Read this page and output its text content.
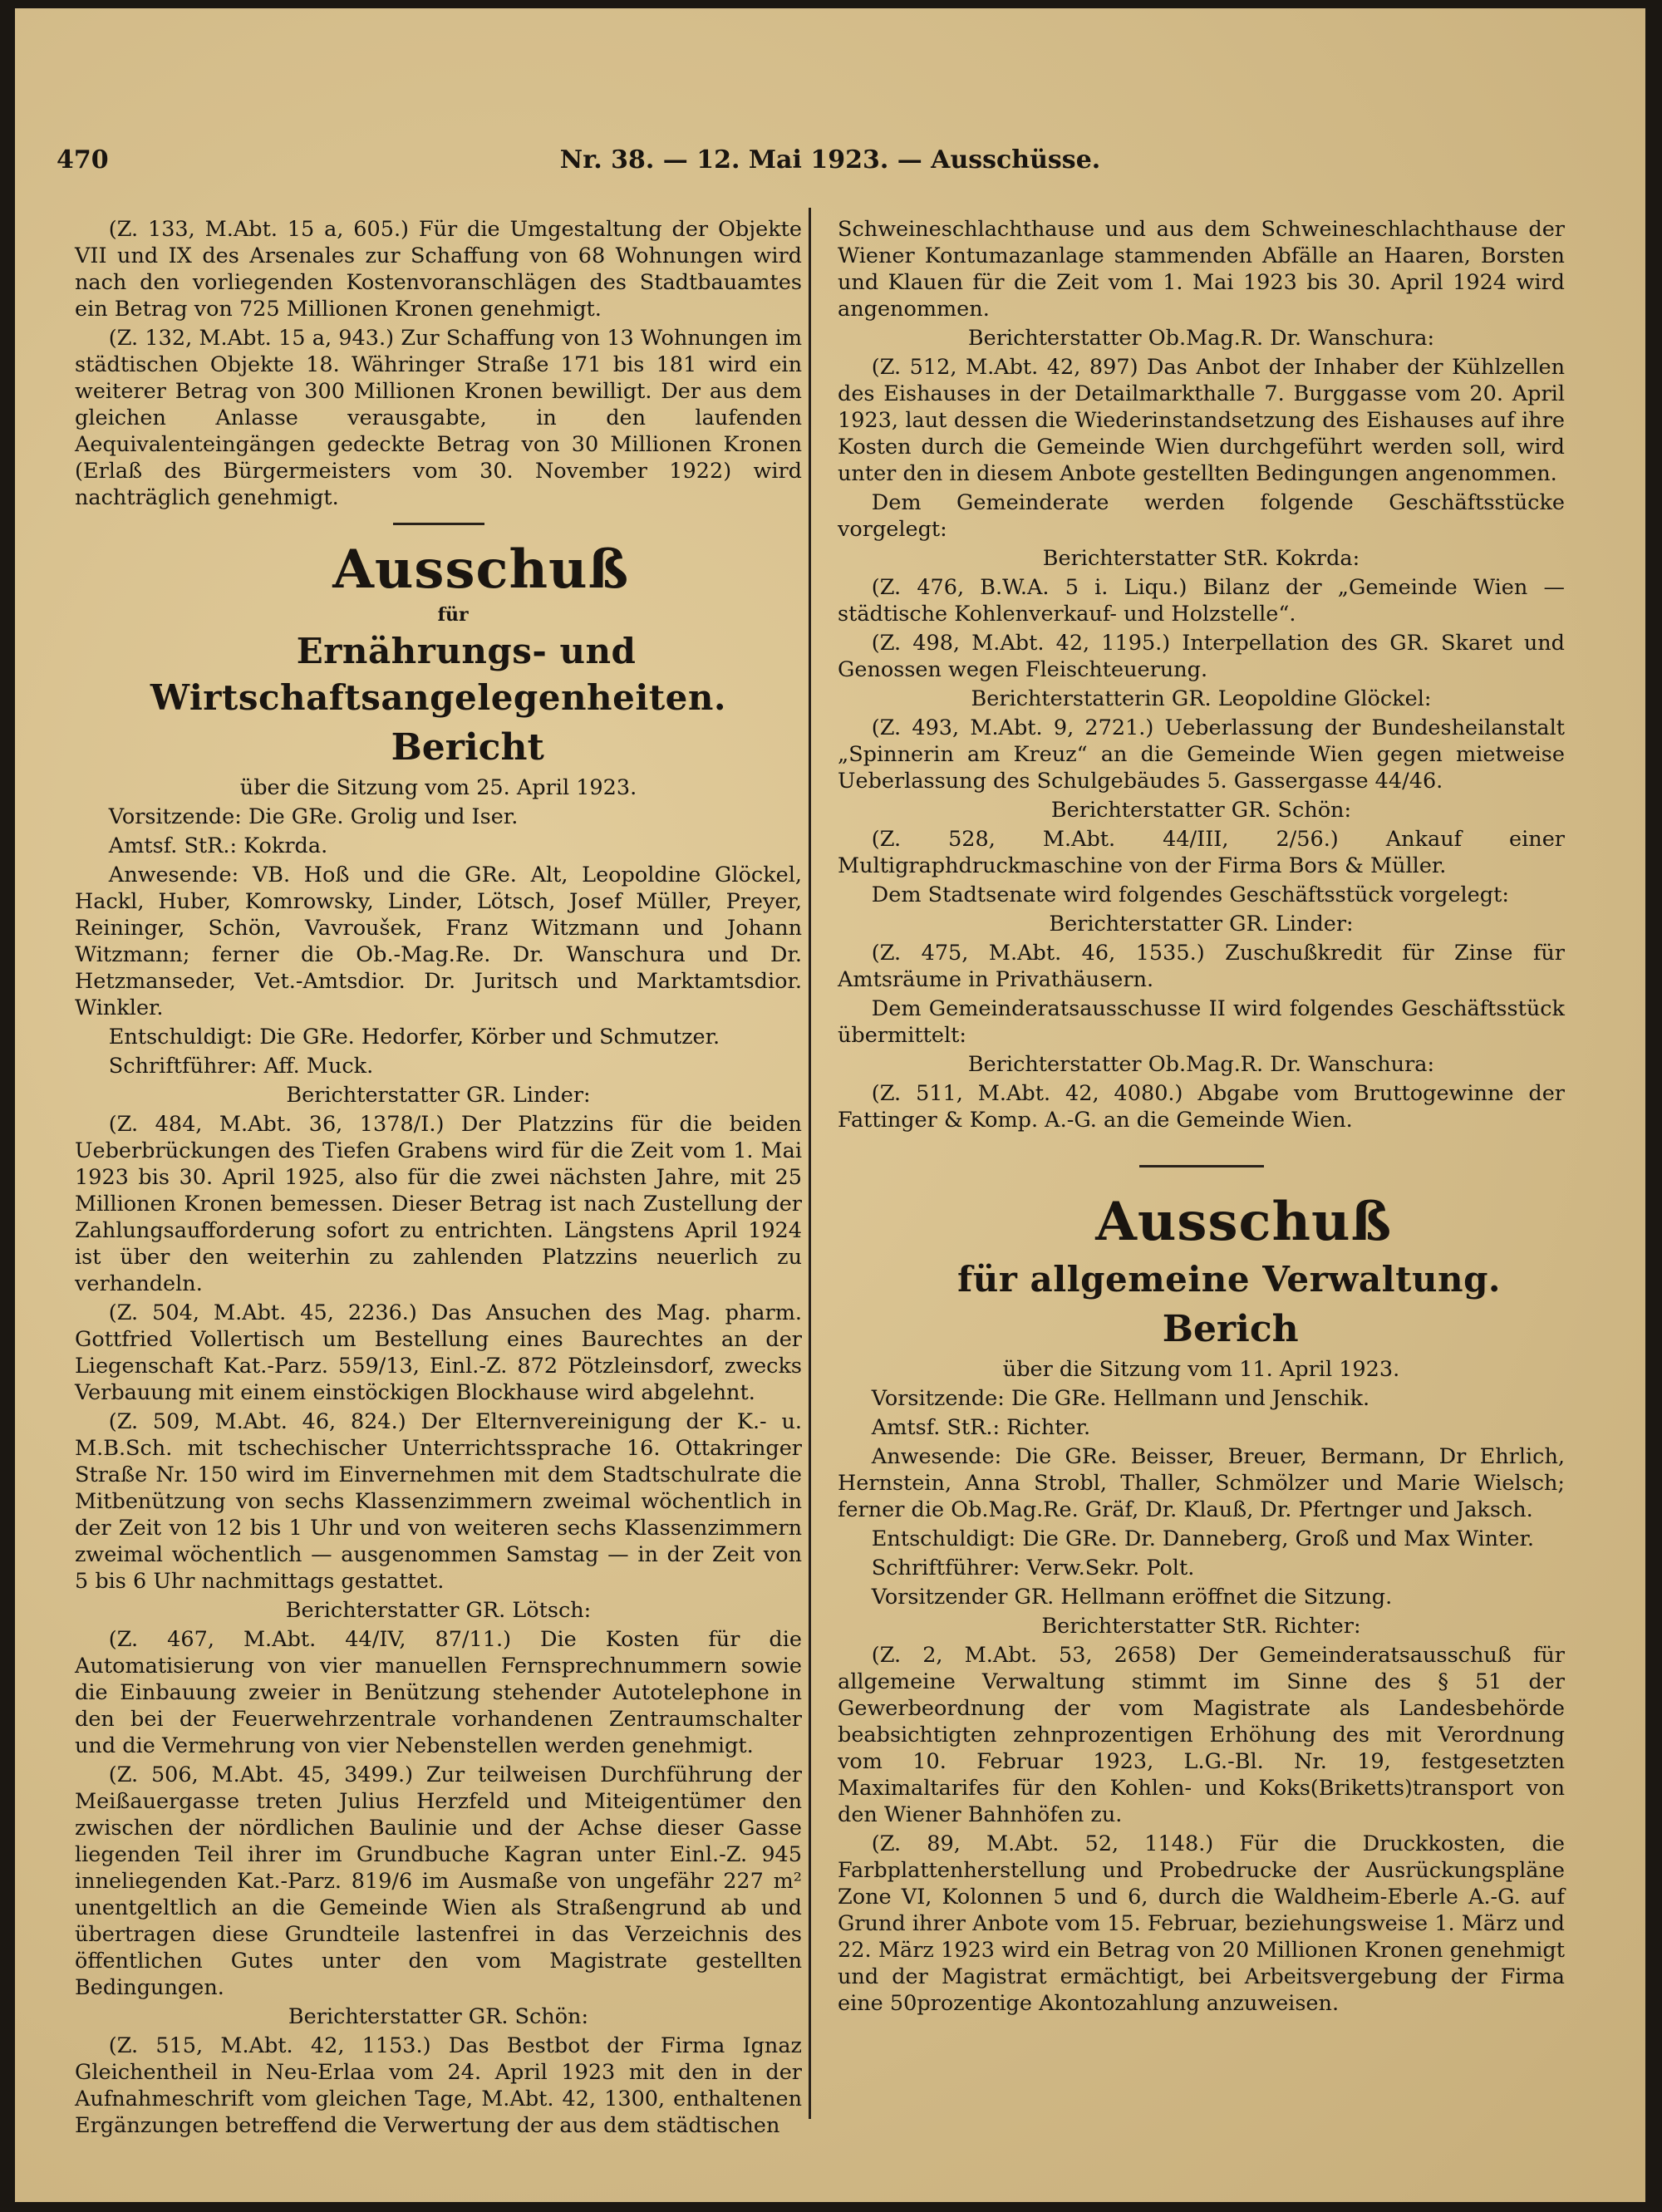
470	Nr. 38. — 12. Mai 1923. — Ausschüsse.

(Z. 133, M.Abt. 15 a, 605.) Für die Umgestaltung der Objekte VII und IX des Arsenales zur Schaffung von 68 Wohnungen wird nach den vorliegenden Kostenvoranschlägen des Stadtbauamtes ein Betrag von 725 Millionen Kronen genehmigt.

(Z. 132, M.Abt. 15 a, 943.) Zur Schaffung von 13 Wohnungen im städtischen Objekte 18. Währinger Straße 171 bis 181 wird ein weiterer Betrag von 300 Millionen Kronen bewilligt. Der aus dem gleichen Anlasse verausgabte, in den laufenden Aequivalenteingängen gedeckte Betrag von 30 Millionen Kronen (Erlaß des Bürgermeisters vom 30. November 1922) wird nachträglich genehmigt.

Ausschuß

für

Ernährungs- und Wirtschaftsangelegenheiten.

Bericht

über die Sitzung vom 25. April 1923.

Vorsitzende: Die GRe. Grolig und Iser.

Amtsf. StR.: Kokrda.

Anwesende: VB. Hoß und die GRe. Alt, Leopoldine Glöckel, Hackl, Huber, Komrowsky, Linder, Lötsch, Josef Müller, Preyer, Reininger, Schön, Vavroušek, Franz Witzmann und Johann Witzmann; ferner die Ob.-Mag.Re. Dr. Wanschura und Dr. Hetzmanseder, Vet.-Amtsdior. Dr. Juritsch und Marktamtsdior. Winkler.

Entschuldigt: Die GRe. Hedorfer, Körber und Schmutzer.

Schriftführer: Aff. Muck.

Berichterstatter GR. Linder:

(Z. 484, M.Abt. 36, 1378/I.) Der Platzzins für die beiden Ueberbrückungen des Tiefen Grabens wird für die Zeit vom 1. Mai 1923 bis 30. April 1925, also für die zwei nächsten Jahre, mit 25 Millionen Kronen bemessen. Dieser Betrag ist nach Zustellung der Zahlungsaufforderung sofort zu entrichten. Längstens April 1924 ist über den weiterhin zu zahlenden Platzzins neuerlich zu verhandeln.

(Z. 504, M.Abt. 45, 2236.) Das Ansuchen des Mag. pharm. Gottfried Vollertisch um Bestellung eines Baurechtes an der Liegenschaft Kat.-Parz. 559/13, Einl.-Z. 872 Pötzleinsdorf, zwecks Verbauung mit einem einstöckigen Blockhause wird abgelehnt.

(Z. 509, M.Abt. 46, 824.) Der Elternvereinigung der K.- u. M.B.Sch. mit tschechischer Unterrichtssprache 16. Ottakringer Straße Nr. 150 wird im Einvernehmen mit dem Stadtschulrate die Mitbenützung von sechs Klassenzimmern zweimal wöchentlich in der Zeit von 12 bis 1 Uhr und von weiteren sechs Klassenzimmern zweimal wöchentlich — ausgenommen Samstag — in der Zeit von 5 bis 6 Uhr nachmittags gestattet.

Berichterstatter GR. Lötsch:

(Z. 467, M.Abt. 44/IV, 87/11.) Die Kosten für die Automatisierung von vier manuellen Fernsprechnummern sowie die Einbauung zweier in Benützung stehender Autotelephone in den bei der Feuerwehrzentrale vorhandenen Zentraumschalter und die Vermehrung von vier Nebenstellen werden genehmigt.

(Z. 506, M.Abt. 45, 3499.) Zur teilweisen Durchführung der Meißauergasse treten Julius Herzfeld und Miteigentümer den zwischen der nördlichen Baulinie und der Achse dieser Gasse liegenden Teil ihrer im Grundbuche Kagran unter Einl.-Z. 945 inneliegenden Kat.-Parz. 819/6 im Ausmaße von ungefähr 227 m² unentgeltlich an die Gemeinde Wien als Straßengrund ab und übertragen diese Grundteile lastenfrei in das Verzeichnis des öffentlichen Gutes unter den vom Magistrate gestellten Bedingungen.

Berichterstatter GR. Schön:

(Z. 515, M.Abt. 42, 1153.) Das Bestbot der Firma Ignaz Gleichentheil in Neu-Erlaa vom 24. April 1923 mit den in der Aufnahmeschrift vom gleichen Tage, M.Abt. 42, 1300, enthaltenen Ergänzungen betreffend die Verwertung der aus dem städtischen

Schweineschlachthause und aus dem Schweineschlachthause der Wiener Kontumazanlage stammenden Abfälle an Haaren, Borsten und Klauen für die Zeit vom 1. Mai 1923 bis 30. April 1924 wird angenommen.

Berichterstatter Ob.Mag.R. Dr. Wanschura:

(Z. 512, M.Abt. 42, 897) Das Anbot der Inhaber der Kühlzellen des Eishauses in der Detailmarkthalle 7. Burggasse vom 20. April 1923, laut dessen die Wiederinstandsetzung des Eishauses auf ihre Kosten durch die Gemeinde Wien durchgeführt werden soll, wird unter den in diesem Anbote gestellten Bedingungen angenommen.

Dem Gemeinderate werden folgende Geschäftsstücke vorgelegt:

Berichterstatter StR. Kokrda:

(Z. 476, B.W.A. 5 i. Liqu.) Bilanz der „Gemeinde Wien — städtische Kohlenverkauf- und Holzstelle“.

(Z. 498, M.Abt. 42, 1195.) Interpellation des GR. Skaret und Genossen wegen Fleischteuerung.

Berichterstatterin GR. Leopoldine Glöckel:

(Z. 493, M.Abt. 9, 2721.) Ueberlassung der Bundesheilanstalt „Spinnerin am Kreuz“ an die Gemeinde Wien gegen mietweise Ueberlassung des Schulgebäudes 5. Gassergasse 44/46.

Berichterstatter GR. Schön:

(Z. 528, M.Abt. 44/III, 2/56.) Ankauf einer Multigraphdruckmaschine von der Firma Bors & Müller.

Dem Stadtsenate wird folgendes Geschäftsstück vorgelegt:

Berichterstatter GR. Linder:

(Z. 475, M.Abt. 46, 1535.) Zuschußkredit für Zinse für Amtsräume in Privathäusern.

Dem Gemeinderatsausschusse II wird folgendes Geschäftsstück übermittelt:

Berichterstatter Ob.Mag.R. Dr. Wanschura:

(Z. 511, M.Abt. 42, 4080.) Abgabe vom Bruttogewinne der Fattinger & Komp. A.-G. an die Gemeinde Wien.

Ausschuß

für allgemeine Verwaltung.

Berich

über die Sitzung vom 11. April 1923.

Vorsitzende: Die GRe. Hellmann und Jenschik.

Amtsf. StR.: Richter.

Anwesende: Die GRe. Beisser, Breuer, Bermann, Dr Ehrlich, Hernstein, Anna Strobl, Thaller, Schmölzer und Marie Wielsch; ferner die Ob.Mag.Re. Gräf, Dr. Klauß, Dr. Pfertnger und Jaksch.

Entschuldigt: Die GRe. Dr. Danneberg, Groß und Max Winter.

Schriftführer: Verw.Sekr. Polt.

Vorsitzender GR. Hellmann eröffnet die Sitzung.

Berichterstatter StR. Richter:

(Z. 2, M.Abt. 53, 2658) Der Gemeinderatsausschuß für allgemeine Verwaltung stimmt im Sinne des § 51 der Gewerbeordnung der vom Magistrate als Landesbehörde beabsichtigten zehnprozentigen Erhöhung des mit Verordnung vom 10. Februar 1923, L.G.-Bl. Nr. 19, festgesetzten Maximaltarifes für den Kohlen- und Koks(Briketts)transport von den Wiener Bahnhöfen zu.

(Z. 89, M.Abt. 52, 1148.) Für die Druckkosten, die Farbplattenherstellung und Probedrucke der Ausrückungspläne Zone VI, Kolonnen 5 und 6, durch die Waldheim-Eberle A.-G. auf Grund ihrer Anbote vom 15. Februar, beziehungsweise 1. März und 22. März 1923 wird ein Betrag von 20 Millionen Kronen genehmigt und der Magistrat ermächtigt, bei Arbeitsvergebung der Firma eine 50prozentige Akontozahlung anzuweisen.
